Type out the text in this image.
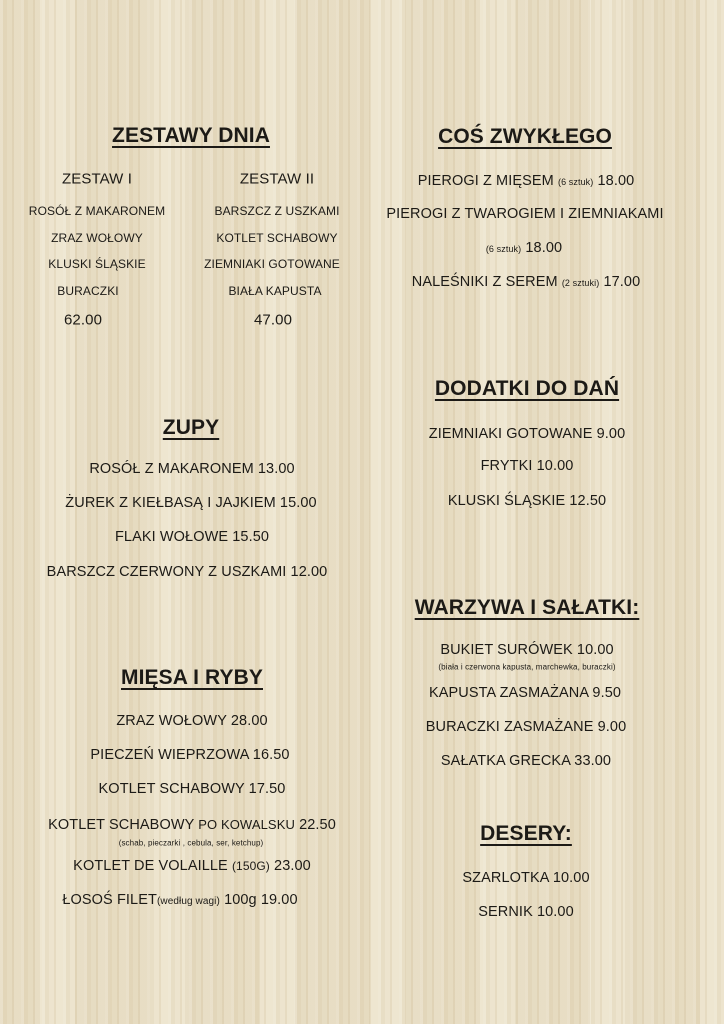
ZESTAWY DNIA
ZESTAW I
ROSÓŁ Z MAKARONEM
ZRAZ WOŁOWY
KLUSKI ŚLĄSKIE
BURACZKI
62.00
ZESTAW II
BARSZCZ Z USZKAMI
KOTLET SCHABOWY
ZIEMNIAKI GOTOWANE
BIAŁA KAPUSTA
47.00
ZUPY
ROSÓŁ Z MAKARONEM 13.00
ŻUREK Z KIEŁBASĄ I JAJKIEM 15.00
FLAKI WOŁOWE 15.50
BARSZCZ CZERWONY Z USZKAMI 12.00
MIĘSA I RYBY
ZRAZ WOŁOWY 28.00
PIECZEŃ WIEPRZOWA 16.50
KOTLET SCHABOWY 17.50
KOTLET SCHABOWY PO KOWALSKU 22.50
(schab, pieczarki , cebula, ser, ketchup)
KOTLET DE VOLAILLE (150G) 23.00
ŁOSOŚ FILET(według wagi) 100g 19.00
COŚ ZWYKŁEGO
PIEROGI Z MIĘSEM (6 sztuk) 18.00
PIEROGI Z TWAROGIEM I ZIEMNIAKAMI
(6 sztuk) 18.00
NALEŚNIKI Z SEREM (2 sztuki) 17.00
DODATKI DO DAŃ
ZIEMNIAKI GOTOWANE 9.00
FRYTKI 10.00
KLUSKI ŚLĄSKIE 12.50
WARZYWA I SAŁATKI:
BUKIET SURÓWEK 10.00
(biała i czerwona kapusta, marchewka, buraczki)
KAPUSTA ZASMAŻANA 9.50
BURACZKI ZASMAŻANE 9.00
SAŁATKA GRECKA 33.00
DESERY:
SZARLOTKA 10.00
SERNIK 10.00
